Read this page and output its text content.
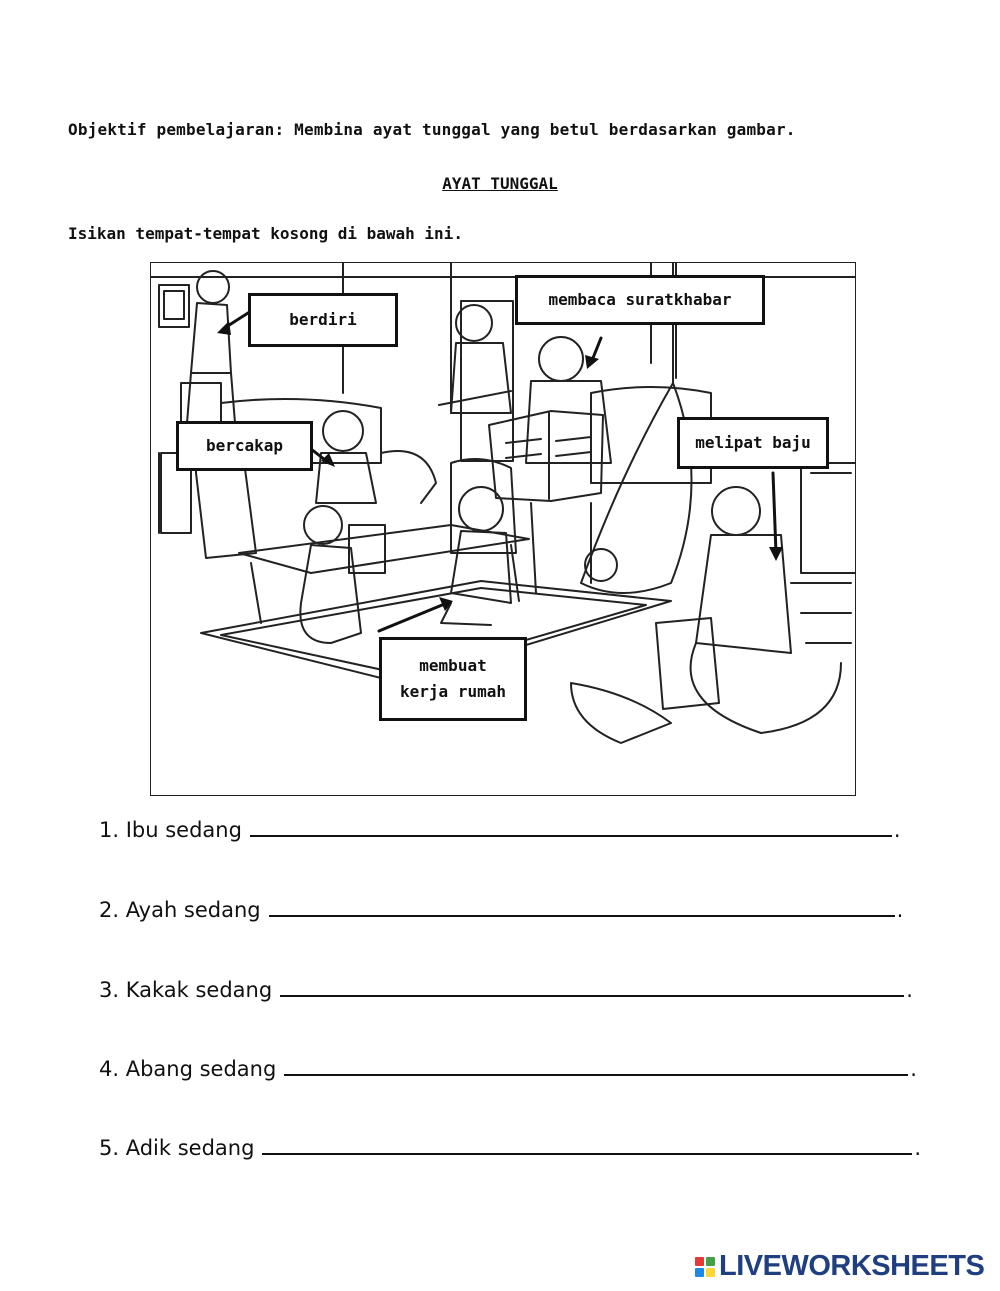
Objektif pembelajaran: Membina ayat tunggal yang betul berdasarkan gambar.
AYAT TUNGGAL
Isikan tempat-tempat kosong di bawah ini.
berdiri
membaca suratkhabar
bercakap	melipat baju
membuat
kerja rumah
1. Ibu sedang	.
2. Ayah sedang	.
3. Kakak sedang	.
4. Abang sedang	.
5. Adik sedang	.
LIVEWORKSHEETS
